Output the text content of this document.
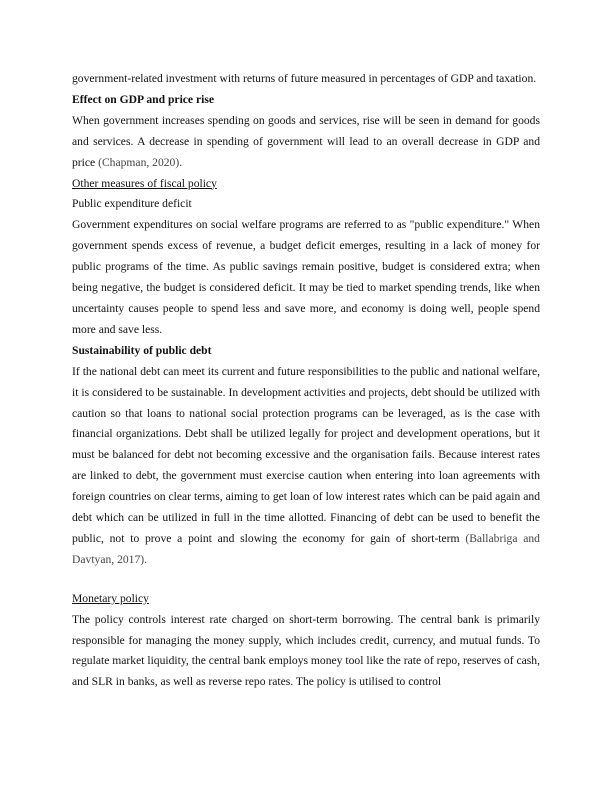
government-related investment with returns of future measured in percentages of GDP and taxation.

Effect on GDP and price rise

When government increases spending on goods and services, rise will be seen in demand for goods and services. A decrease in spending of government will lead to an overall decrease in GDP and price (Chapman, 2020).

Other measures of fiscal policy
Public expenditure deficit

Government expenditures on social welfare programs are referred to as "public expenditure." When government spends excess of revenue, a budget deficit emerges, resulting in a lack of money for public programs of the time. As public savings remain positive, budget is considered extra; when being negative, the budget is considered deficit. It may be tied to market spending trends, like when uncertainty causes people to spend less and save more, and economy is doing well, people spend more and save less.

Sustainability of public debt

If the national debt can meet its current and future responsibilities to the public and national welfare, it is considered to be sustainable. In development activities and projects, debt should be utilized with caution so that loans to national social protection programs can be leveraged, as is the case with financial organizations. Debt shall be utilized legally for project and development operations, but it must be balanced for debt not becoming excessive and the organisation fails. Because interest rates are linked to debt, the government must exercise caution when entering into loan agreements with foreign countries on clear terms, aiming to get loan of low interest rates which can be paid again and debt which can be utilized in full in the time allotted. Financing of debt can be used to benefit the public, not to prove a point and slowing the economy for gain of short-term (Ballabriga and Davtyan, 2017).

Monetary policy

The policy controls interest rate charged on short-term borrowing. The central bank is primarily responsible for managing the money supply, which includes credit, currency, and mutual funds. To regulate market liquidity, the central bank employs money tool like the rate of repo, reserves of cash, and SLR in banks, as well as reverse repo rates. The policy is utilised to control
